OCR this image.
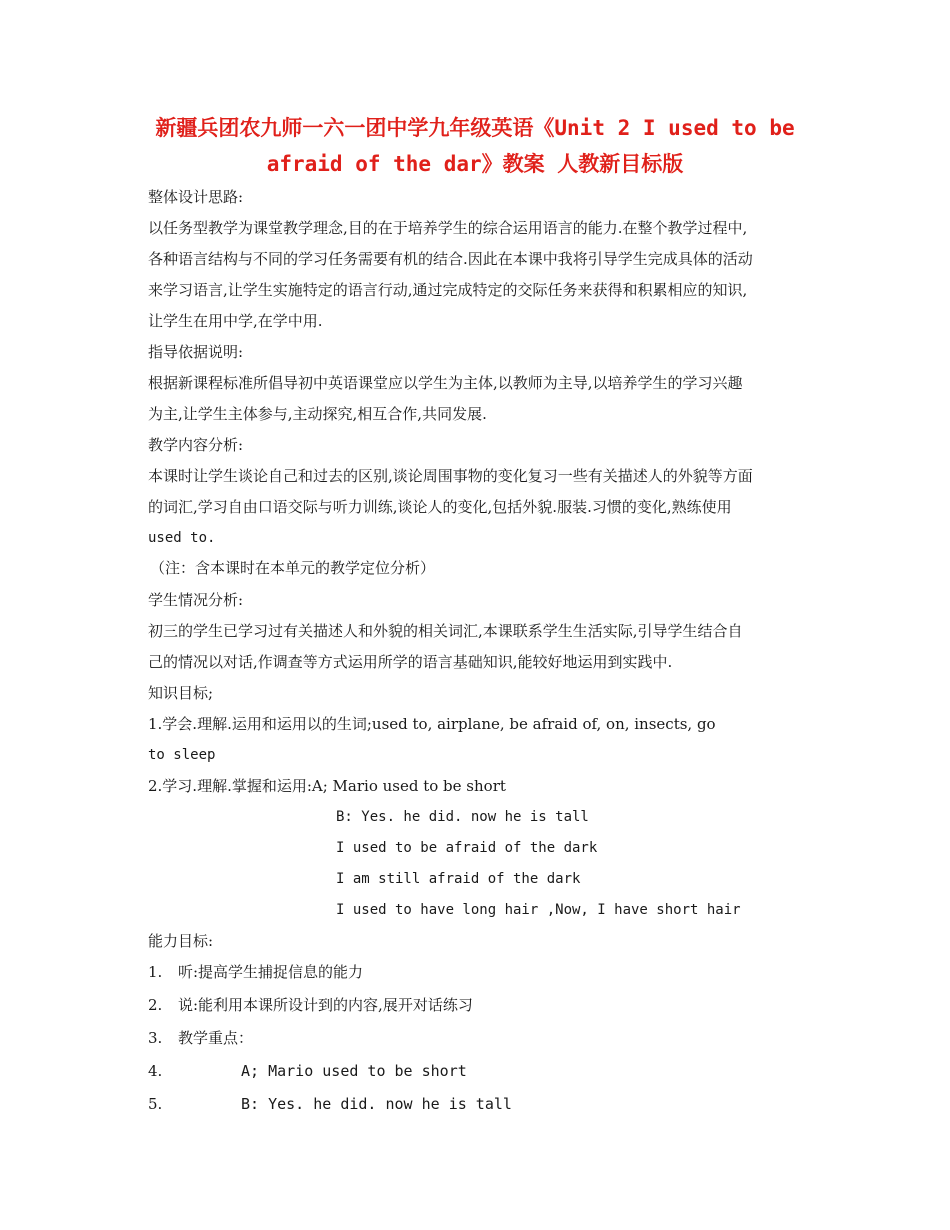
新疆兵团农九师一六一团中学九年级英语《Unit 2 I used to be
afraid of the dar》教案 人教新目标版
整体设计思路:
以任务型教学为课堂教学理念,目的在于培养学生的综合运用语言的能力.在整个教学过程中,
各种语言结构与不同的学习任务需要有机的结合.因此在本课中我将引导学生完成具体的活动
来学习语言,让学生实施特定的语言行动,通过完成特定的交际任务来获得和积累相应的知识,
让学生在用中学,在学中用.
指导依据说明:
根据新课程标准所倡导初中英语课堂应以学生为主体,以教师为主导,以培养学生的学习兴趣
为主,让学生主体参与,主动探究,相互合作,共同发展.
教学内容分析:
本课时让学生谈论自己和过去的区别,谈论周围事物的变化复习一些有关描述人的外貌等方面
的词汇,学习自由口语交际与听力训练,谈论人的变化,包括外貌.服装.习惯的变化,熟练使用
used to.
（注：含本课时在本单元的教学定位分析）
学生情况分析:
初三的学生已学习过有关描述人和外貌的相关词汇,本课联系学生生活实际,引导学生结合自
己的情况以对话,作调查等方式运用所学的语言基础知识,能较好地运用到实践中.
知识目标;
1.学会.理解.运用和运用以的生词;used to, airplane, be afraid of, on, insects, go
to sleep
2.学习.理解.掌握和运用:A; Mario used to be short
B: Yes. he did. now he is tall
I used to be afraid of the dark
I am still afraid of the dark
I used to have long hair ,Now, I have short hair
能力目标:
1. 听:提高学生捕捉信息的能力
2. 说:能利用本课所设计到的内容,展开对话练习
3. 教学重点：
4.	A; Mario used to be short
5.	B: Yes. he did. now he is tall
